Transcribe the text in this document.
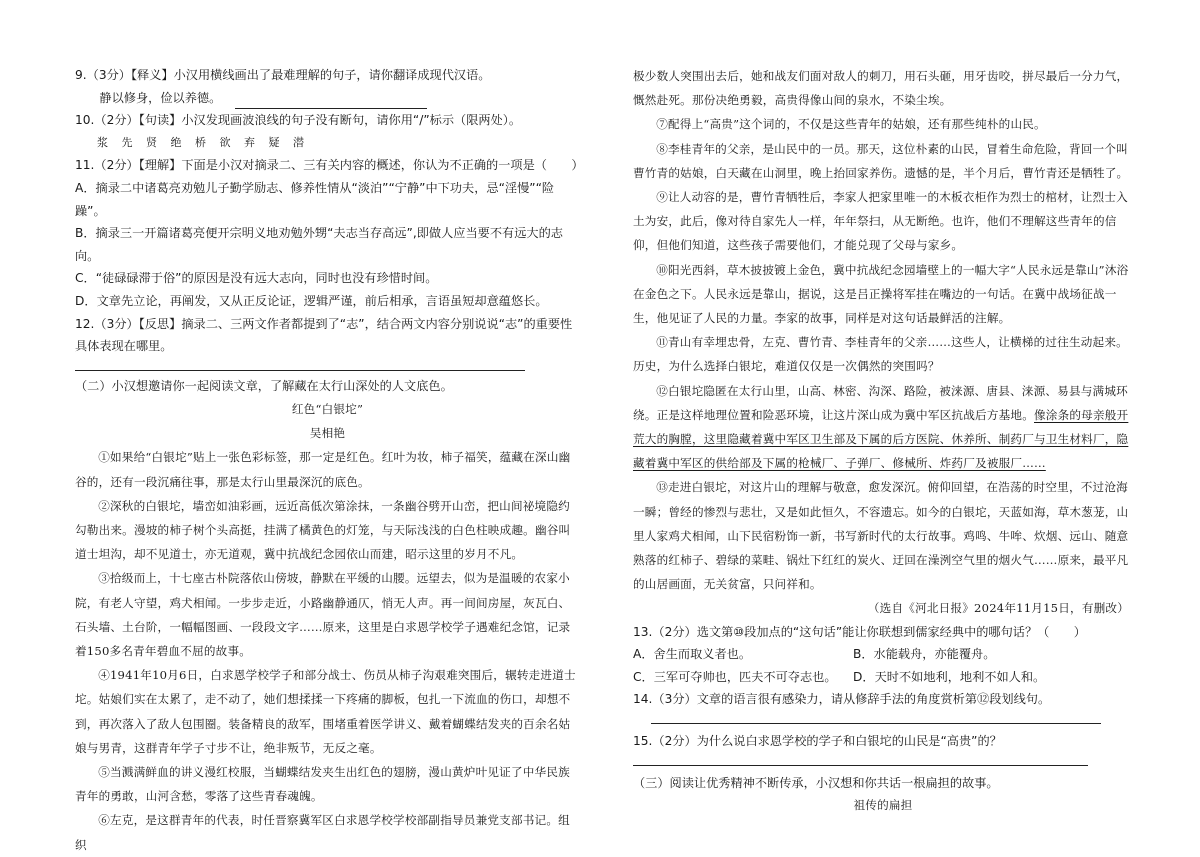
9.（3分）【释义】小汉用横线画出了最难理解的句子，请你翻译成现代汉语。

静以修身，俭以养德。

10.（2分）【句读】小汉发现画波浪线的句子没有断句，请你用“/”标示（限两处）。

浆 先 贤 绝 桥 欲 弃 疑 潜

11.（2分）【理解】下面是小汉对摘录二、三有关内容的概述，你认为不正确的一项是（　　）

A．摘录二中诸葛亮劝勉儿子勤学励志、修养性情从“淡泊”“宁静”中下功夫，忌“淫慢”“险躁”。

B．摘录三一开篇诸葛亮便开宗明义地劝勉外甥“夫志当存高远”,即做人应当要不有远大的志向。

C．“徒碌碌滞于俗”的原因是没有远大志向，同时也没有珍惜时间。

D．文章先立论，再阐发，又从正反论证，逻辑严谨，前后相承，言语虽短却意蕴悠长。

12.（3分）【反思】摘录二、三两文作者都提到了“志”，结合两文内容分别说说“志”的重要性具体表现在哪里。

（二）小汉想邀请你一起阅读文章，了解藏在太行山深处的人文底色。

红色“白银坨”

吴相艳

①如果给“白银坨”贴上一张色彩标签，那一定是红色。红叶为妆，柿子福笑，蕴藏在深山幽谷的，还有一段沉痛往事，那是太行山里最深沉的底色。

②深秋的白银坨，墙峦如油彩画，远近高低次第涂抹，一条幽谷劈开山峦，把山间祕境隐约勾勒出来。漫坡的柿子树个头高挺，挂满了橘黄色的灯笼，与天际浅浅的白色柱映成趣。幽谷叫道士坦沟，却不见道士，亦无道观，冀中抗战纪念园依山而建，昭示这里的岁月不凡。

③拾级而上，十七座古朴院落依山傍坡，静默在平缓的山腰。远望去，似为是温暖的农家小院，有老人守望，鸡犬相闻。一步步走近，小路幽静通仄，悄无人声。再一间间房屋，灰瓦白、石头墙、土台阶，一幅幅图画、一段段文字……原来，这里是白求恩学校学子遇难纪念馆，记录着150多名青年碧血不屈的故事。

④1941年10月6日，白求恩学校学子和部分战士、伤员从柿子沟艰难突围后，辗转走进道士坨。姑娘们实在太累了，走不动了，她们想揉揉一下疼痛的脚板，包扎一下流血的伤口，却想不到，再次落入了敌人包围圈。装备精良的敌军，围堵重着医学讲义、戴着蝴蝶结发夹的百余名姑娘与男青，这群青年学子寸步不让，绝非叛节，无反之毫。

⑤当溅满鲜血的讲义漫红校服，当蝴蝶结发夹生出红色的翅膀，漫山黄炉叶见证了中华民族青年的勇敢，山河含愁，零落了这些青春魂魄。

⑥左克，是这群青年的代表，时任晋察冀军区白求恩学校学校部副指导员兼党支部书记。组织

极少数人突围出去后，她和战友们面对敌人的刺刀，用石头砸，用牙齿咬，拼尽最后一分力气，慨然赴死。那份决绝勇毅，高贵得像山间的泉水，不染尘埃。

⑦配得上“高贵”这个词的，不仅是这些青年的姑娘，还有那些纯朴的山民。

⑧李桂青年的父亲，是山民中的一员。那天，这位朴素的山民，冒着生命危险，背回一个叫曹竹青的姑娘，白天藏在山洞里，晚上抬回家养伤。遗憾的是，半个月后，曹竹青还是牺牲了。

⑨让人动容的是，曹竹青牺牲后，李家人把家里唯一的木板衣柜作为烈士的棺材，让烈士入土为安，此后，像对待自家先人一样，年年祭扫，从无断绝。也许，他们不理解这些青年的信仰，但他们知道，这些孩子需要他们，才能兑现了父母与家乡。

⑩阳光西斜，草木披披镀上金色，冀中抗战纪念园墙壁上的一幅大字“人民永远是靠山”沐浴在金色之下。人民永远是靠山，据说，这是吕正操将军挂在嘴边的一句话。在冀中战场征战一生，他见证了人民的力量。李家的故事，同样是对这句话最鲜活的注解。

⑪青山有幸埋忠骨，左克、曹竹青、李桂青年的父亲……这些人，让横梯的过往生动起来。历史，为什么选择白银坨，难道仅仅是一次偶然的突围吗？

⑫白银坨隐匿在太行山里，山高、林密、沟深、路险，被涞源、唐县、涞源、易县与满城环绕。正是这样地理位置和险恶环境，让这片深山成为冀中军区抗战后方基地。像涂条的母亲般开荒大的胸膛，这里隐藏着冀中军区卫生部及下属的后方医院、休养所、制药厂与卫生材料厂，隐藏着冀中军区的供给部及下属的枪械厂、子弹厂、修械所、炸药厂及被服厂……

⑬走进白银坨，对这片山的理解与敬意，愈发深沉。俯仰回望，在浩荡的时空里，不过沧海一瞬；曾经的惨烈与悲壮，又是如此恒久，不容遗忘。如今的白银坨，天蓝如海，草木葱茏，山里人家鸡犬相闻，山下民宿粉饰一新，书写新时代的太行故事。鸡鸣、牛哞、炊烟、远山、随意熟落的红柿子、碧绿的菜畦、锅灶下红红的炭火、迂回在澡洌空气里的烟火气……原来，最平凡的山居画面，无关贫富，只问祥和。

（选自《河北日报》2024年11月15日，有删改）

13.（2分）选文第⑩段加点的“这句话”能让你联想到儒家经典中的哪句话？（　　）

A．舍生而取义者也。	B．水能载舟，亦能覆舟。
C．三军可夺帅也，匹夫不可夺志也。	D．天时不如地利，地利不如人和。

14.（3分）文章的语言很有感染力，请从修辞手法的角度赏析第⑫段划线句。

15.（2分）为什么说白求恩学校的学子和白银坨的山民是“高贵”的？

（三）阅读让优秀精神不断传承，小汉想和你共话一根扁担的故事。

祖传的扁担
